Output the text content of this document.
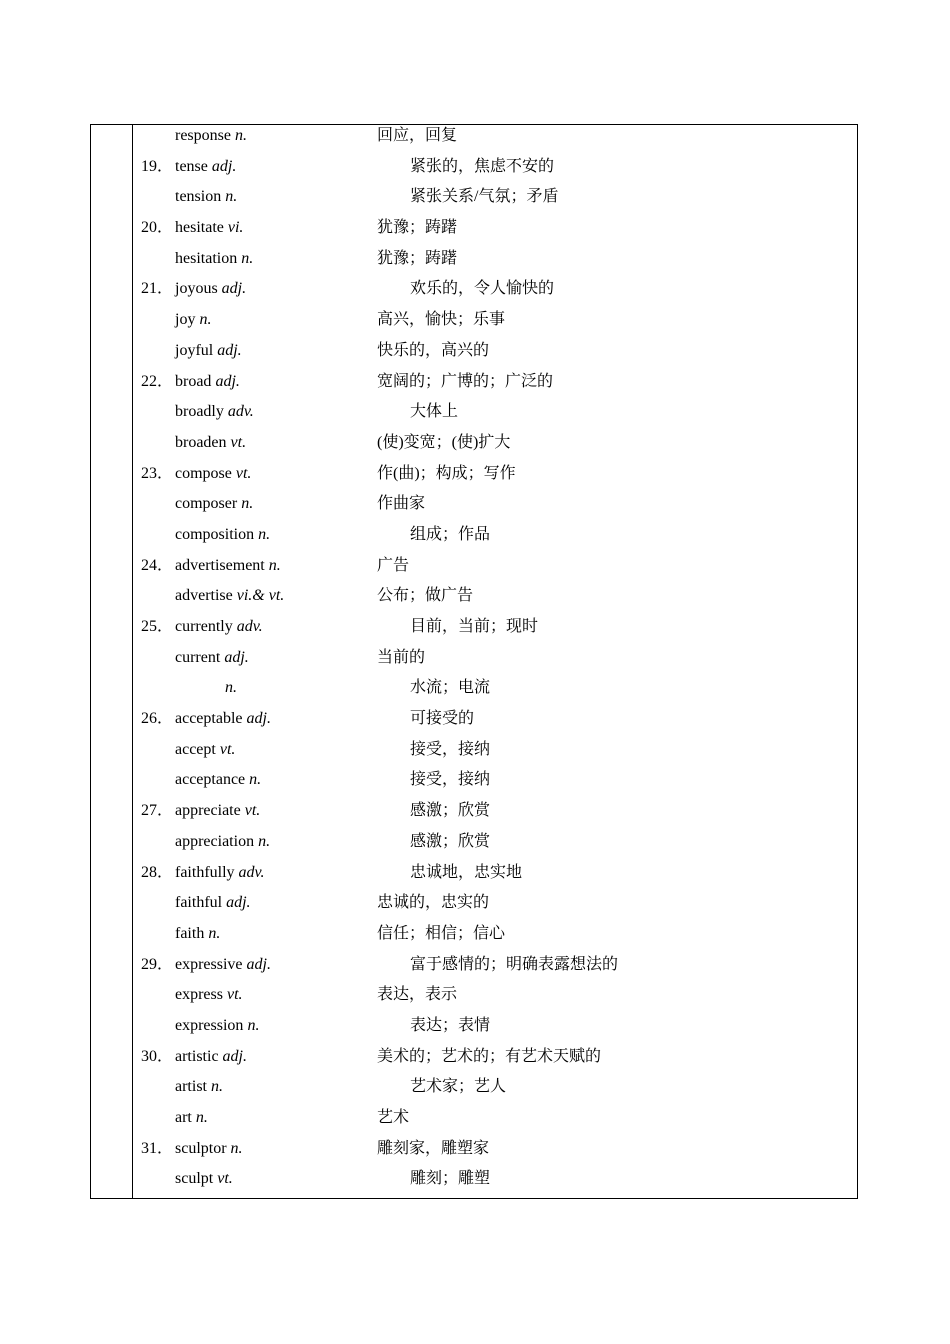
response n.	回应，回复
19． tense adj.	紧张的，焦虑不安的
tension n.	紧张关系/气氛；矛盾
20． hesitate vi.	犹豫；踌躇
hesitation n.	犹豫；踌躇
21． joyous adj.	欢乐的，令人愉快的
joy n.	高兴，愉快；乐事
joyful adj.	快乐的，高兴的
22． broad adj.	宽阔的；广博的；广泛的
broadly adv.	大体上
broaden vt.	(使)变宽；(使)扩大
23． compose vt.	作(曲)；构成；写作
composer n.	作曲家
composition n.	组成；作品
24． advertisement n.	广告
advertise vi.& vt.	公布；做广告
25． currently adv.	目前，当前；现时
current adj.	当前的
n.	水流；电流
26． acceptable adj.	可接受的
accept vt.	接受，接纳
acceptance n.	接受，接纳
27． appreciate vt.	感激；欣赏
appreciation n.	感激；欣赏
28． faithfully adv.	忠诚地，忠实地
faithful adj.	忠诚的，忠实的
faith n.	信任；相信；信心
29． expressive adj.	富于感情的；明确表露想法的
express vt.	表达，表示
expression n.	表达；表情
30． artistic adj.	美术的；艺术的；有艺术天赋的
artist n.	艺术家；艺人
art n.	艺术
31． sculptor n.	雕刻家，雕塑家
sculpt vt.	雕刻；雕塑
